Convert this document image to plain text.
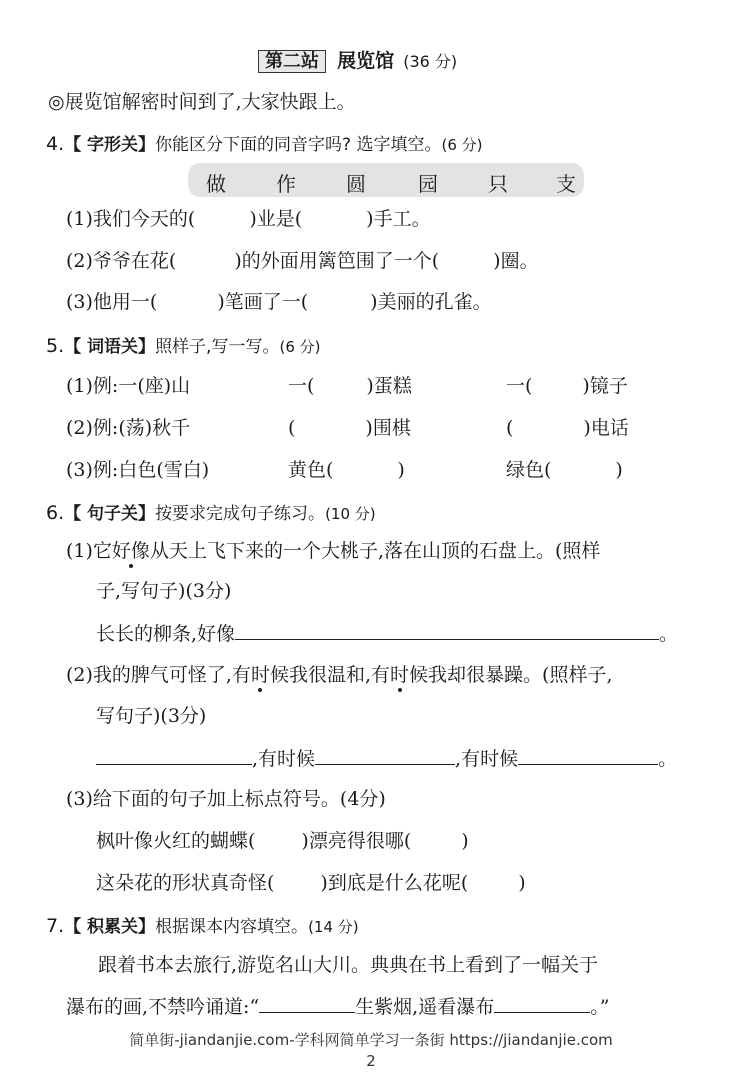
第二站 展览馆 (36 分)
◎展览馆解密时间到了,大家快跟上。
4.【 字形关】你能区分下面的同音字吗? 选字填空。(6 分)
做	作	圆	园	只 支
(1)我们今天的(	)业是(	)手工。
(2)爷爷在花(	)的外面用篱笆围了一个(	)圈。
(3)他用一(	)笔画了一(	)美丽的孔雀。
5.【 词语关】照样子,写一写。(6 分)
(1)例:一(座)山	一(	)蛋糕	一(	)镜子
(2)例:(荡)秋千	(	)围棋	(	)电话
(3)例:白色(雪白)	黄色(	)	绿色(	)
6.【 句子关】按要求完成句子练习。(10 分)
(1)它好像从天上飞下来的一个大桃子,落在山顶的石盘上。(照样
子,写句子)(3分)
长长的柳条,好像	。
(2)我的脾气可怪了,有时候我很温和,有时候我却很暴躁。(照样子,
写句子)(3分)
,有时候	,有时候	。
(3)给下面的句子加上标点符号。(4分)
枫叶像火红的蝴蝶( )漂亮得很哪(	)
这朵花的形状真奇怪( )到底是什么花呢(	)
7.【 积累关】根据课本内容填空。(14 分)
跟着书本去旅行,游览名山大川。典典在书上看到了一幅关于
瀑布的画,不禁吟诵道:“	生紫烟,遥看瀑布	。”
简单街-jiandanjie.com-学科网简单学习一条街 https://jiandanjie.com
2
